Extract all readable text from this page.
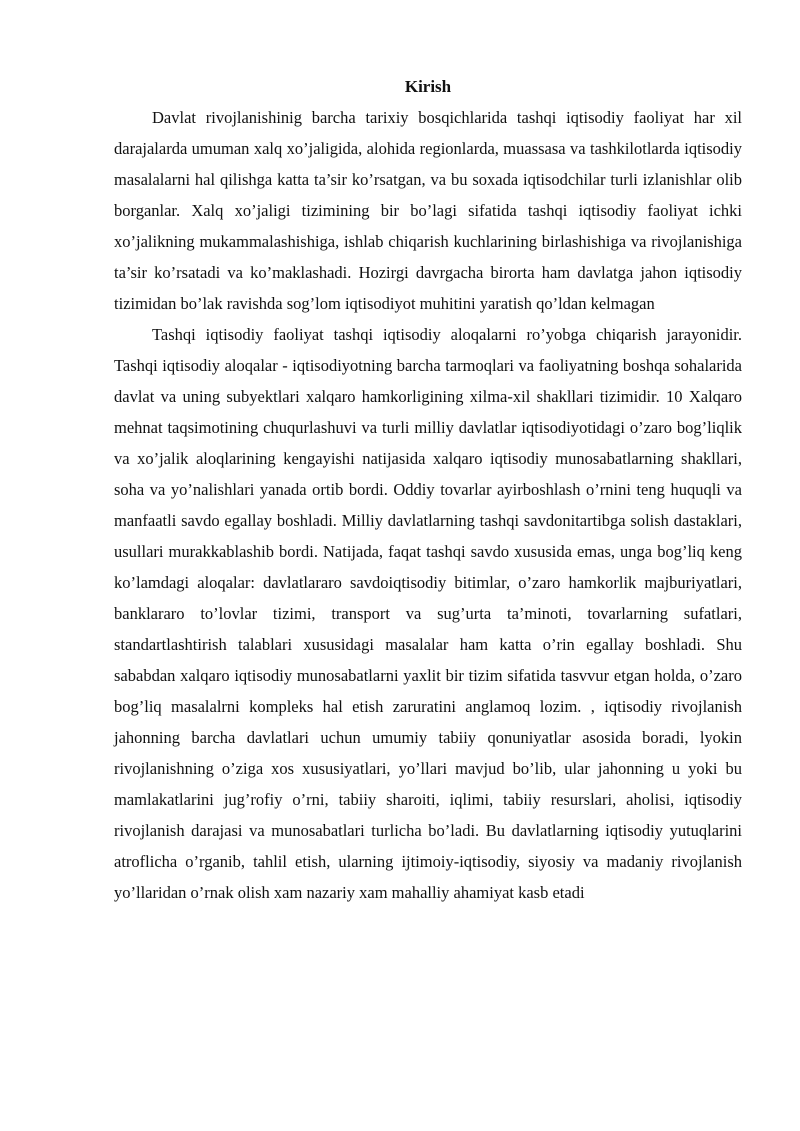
Kirish

Davlat rivojlanishinig barcha tarixiy bosqichlarida tashqi iqtisodiy faoliyat har xil darajalarda umuman xalq xo’jaligida, alohida regionlarda, muassasa va tashkilotlarda iqtisodiy masalalarni hal qilishga katta ta’sir ko’rsatgan, va bu soxada iqtisodchilar turli izlanishlar olib borganlar. Xalq xo’jaligi tizimining bir bo’lagi sifatida tashqi iqtisodiy faoliyat ichki xo’jalikning mukammalashishiga, ishlab chiqarish kuchlarining birlashishiga va rivojlanishiga ta’sir ko’rsatadi va ko’maklashadi. Hozirgi davrgacha birorta ham davlatga jahon iqtisodiy tizimidan bo’lak ravishda sog’lom iqtisodiyot muhitini yaratish qo’ldan kelmagan

Tashqi iqtisodiy faoliyat tashqi iqtisodiy aloqalarni ro’yobga chiqarish jarayonidir. Tashqi iqtisodiy aloqalar - iqtisodiyotning barcha tarmoqlari va faoliyatning boshqa sohalarida davlat va uning subyektlari xalqaro hamkorligining xilma-xil shakllari tizimidir. 10 Xalqaro mehnat taqsimotining chuqurlashuvi va turli milliy davlatlar iqtisodiyotidagi o’zaro bog’liqlik va xo’jalik aloqlarining kengayishi natijasida xalqaro iqtisodiy munosabatlarning shakllari, soha va yo’nalishlari yanada ortib bordi. Oddiy tovarlar ayirboshlash o’rnini teng huquqli va manfaatli savdo egallay boshladi. Milliy davlatlarning tashqi savdonitartibga solish dastaklari, usullari murakkablashib bordi. Natijada, faqat tashqi savdo xususida emas, unga bog’liq keng ko’lamdagi aloqalar: davlatlararo savdoiqtisodiy bitimlar, o’zaro hamkorlik majburiyatlari, banklararo to’lovlar tizimi, transport va sug’urta ta’minoti, tovarlarning sufatlari, standartlashtirish talablari xususidagi masalalar ham katta o’rin egallay boshladi. Shu sababdan xalqaro iqtisodiy munosabatlarni yaxlit bir tizim sifatida tasvvur etgan holda, o’zaro bog’liq masalalrni kompleks hal etish zaruratini anglamoq lozim. , iqtisodiy rivojlanish jahonning barcha davlatlari uchun umumiy tabiiy qonuniyatlar asosida boradi, lyokin rivojlanishning o’ziga xos xususiyatlari, yo’llari mavjud bo’lib, ular jahonning u yoki bu mamlakatlarini jug’rofiy o’rni, tabiiy sharoiti, iqlimi, tabiiy resurslari, aholisi, iqtisodiy rivojlanish darajasi va munosabatlari turlicha bo’ladi. Bu davlatlarning iqtisodiy yutuqlarini atroflicha o’rganib, tahlil etish, ularning ijtimoiy-iqtisodiy, siyosiy va madaniy rivojlanish yo’llaridan o’rnak olish xam nazariy xam mahalliy ahamiyat kasb etadi
